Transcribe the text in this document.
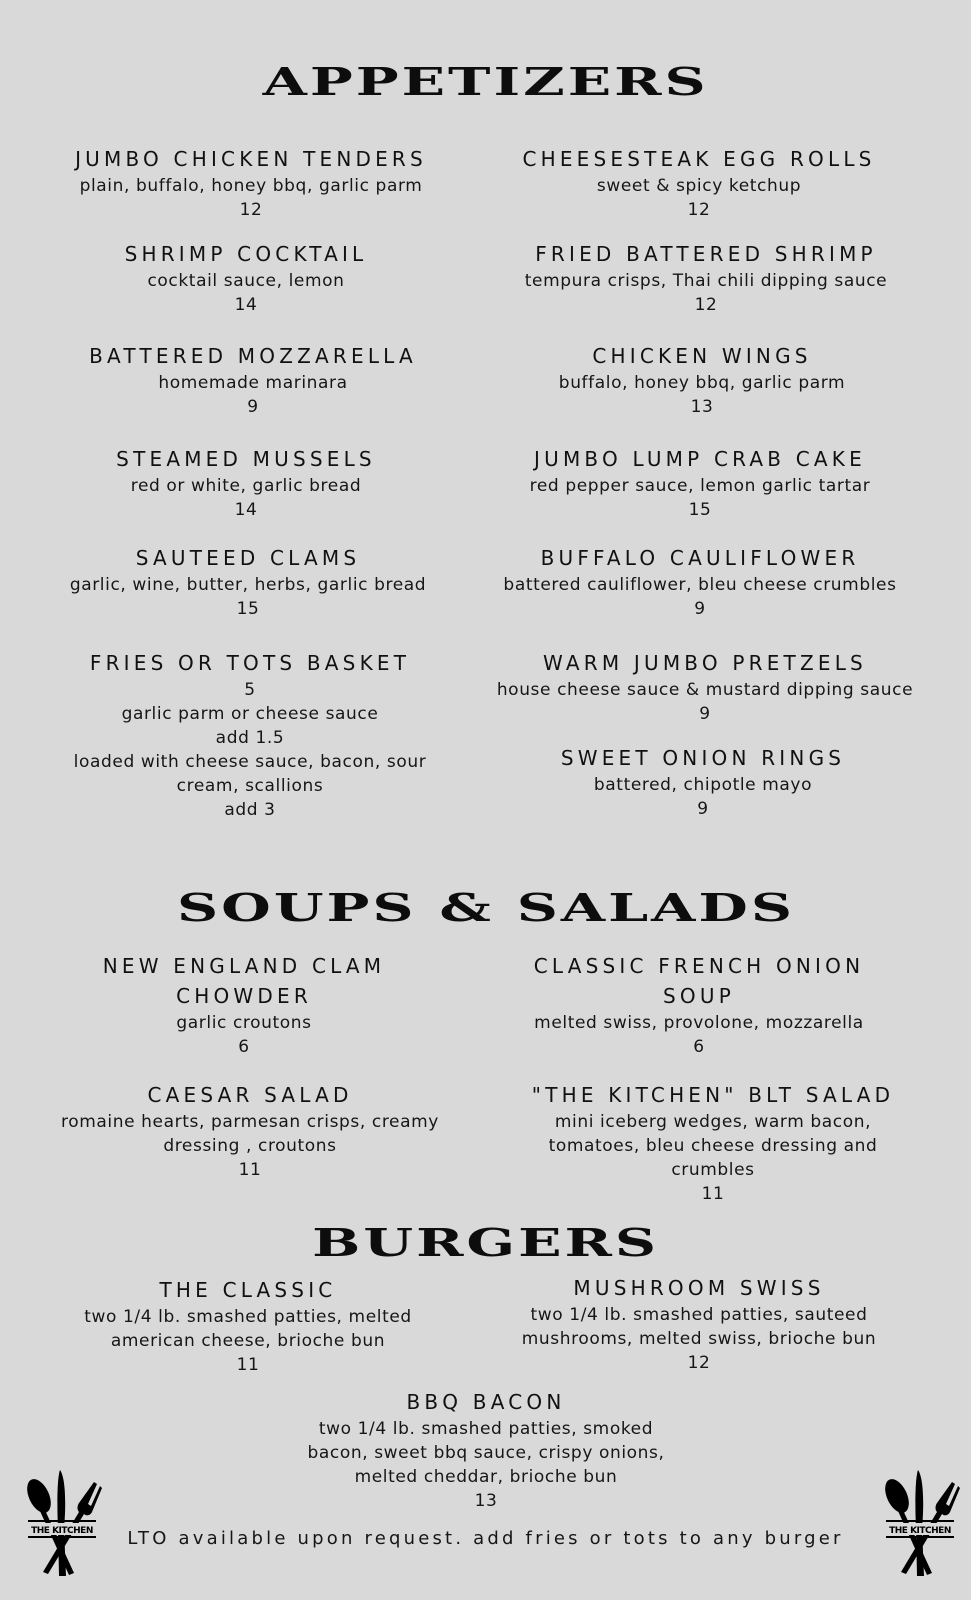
APPETIZERS
JUMBO CHICKEN TENDERS
plain, buffalo, honey bbq, garlic parm
12
CHEESESTEAK EGG ROLLS
sweet & spicy ketchup
12
SHRIMP COCKTAIL
cocktail sauce, lemon
14
FRIED BATTERED SHRIMP
tempura crisps, Thai chili dipping sauce
12
BATTERED MOZZARELLA
homemade marinara
9
CHICKEN WINGS
buffalo, honey bbq, garlic parm
13
STEAMED MUSSELS
red or white, garlic bread
14
JUMBO LUMP CRAB CAKE
red pepper sauce, lemon garlic tartar
15
SAUTEED CLAMS
garlic, wine, butter, herbs, garlic bread
15
BUFFALO CAULIFLOWER
battered cauliflower, bleu cheese crumbles
9
FRIES OR TOTS BASKET
5
garlic parm or cheese sauce
add 1.5
loaded with cheese sauce, bacon, sour
cream, scallions
add 3
WARM JUMBO PRETZELS
house cheese sauce & mustard dipping sauce
9
SWEET ONION RINGS
battered, chipotle mayo
9
SOUPS & SALADS
NEW ENGLAND CLAM
CHOWDER
garlic croutons
6
CLASSIC FRENCH ONION
SOUP
melted swiss, provolone, mozzarella
6
CAESAR SALAD
romaine hearts, parmesan crisps, creamy
dressing , croutons
11
"THE KITCHEN" BLT SALAD
mini iceberg wedges, warm bacon,
tomatoes, bleu cheese dressing and
crumbles
11
BURGERS
THE CLASSIC
two 1/4 lb. smashed patties, melted
american cheese, brioche bun
11
MUSHROOM SWISS
two 1/4 lb. smashed patties, sauteed
mushrooms, melted swiss, brioche bun
12
BBQ BACON
two 1/4 lb. smashed patties, smoked
bacon, sweet bbq sauce, crispy onions,
melted cheddar, brioche bun
13
LTO available upon request. add fries or tots to any burger
THE KITCHEN	THE KITCHEN
